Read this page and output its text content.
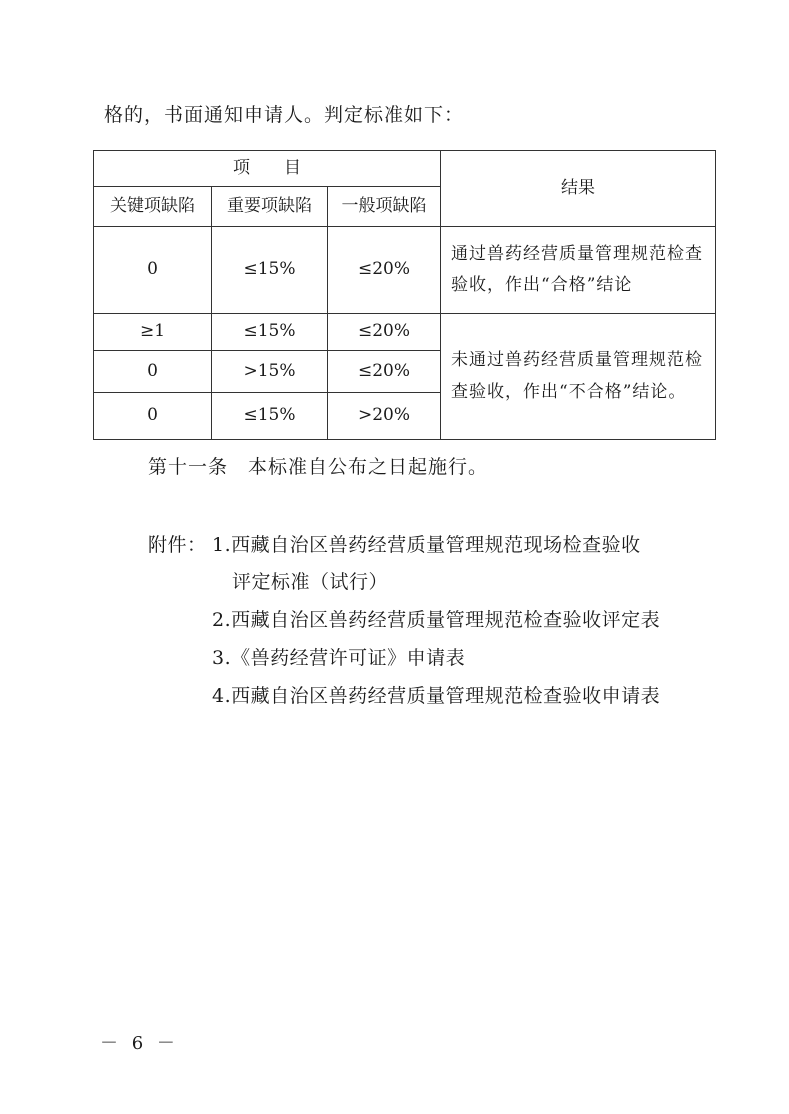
格的，书面通知申请人。判定标准如下：
项　　目			结果
关键项缺陷	重要项缺陷	一般项缺陷	
0	≤15%	≤20%	通过兽药经营质量管理规范检查验收，作出“合格”结论
≥1	≤15%	≤20%	未通过兽药经营质量管理规范检查验收，作出“不合格”结论。
0	>15%	≤20%	
0	≤15%	>20%	
第十一条　本标准自公布之日起施行。
附件： 1.西藏自治区兽药经营质量管理规范现场检查验收
评定标准（试行）
2.西藏自治区兽药经营质量管理规范检查验收评定表
3.《兽药经营许可证》申请表
4.西藏自治区兽药经营质量管理规范检查验收申请表
－ 6 －
